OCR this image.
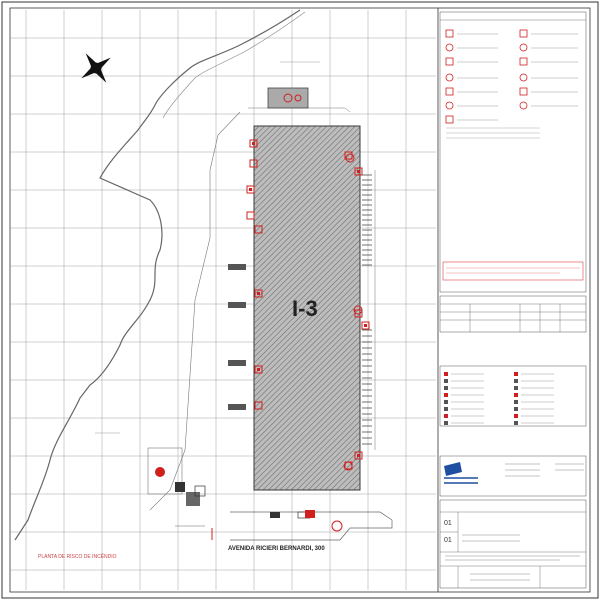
I-3
AVENIDA RICIERI BERNARDI, 300
PLANTA DE RISCO DE INCÊNDIO
01
01
